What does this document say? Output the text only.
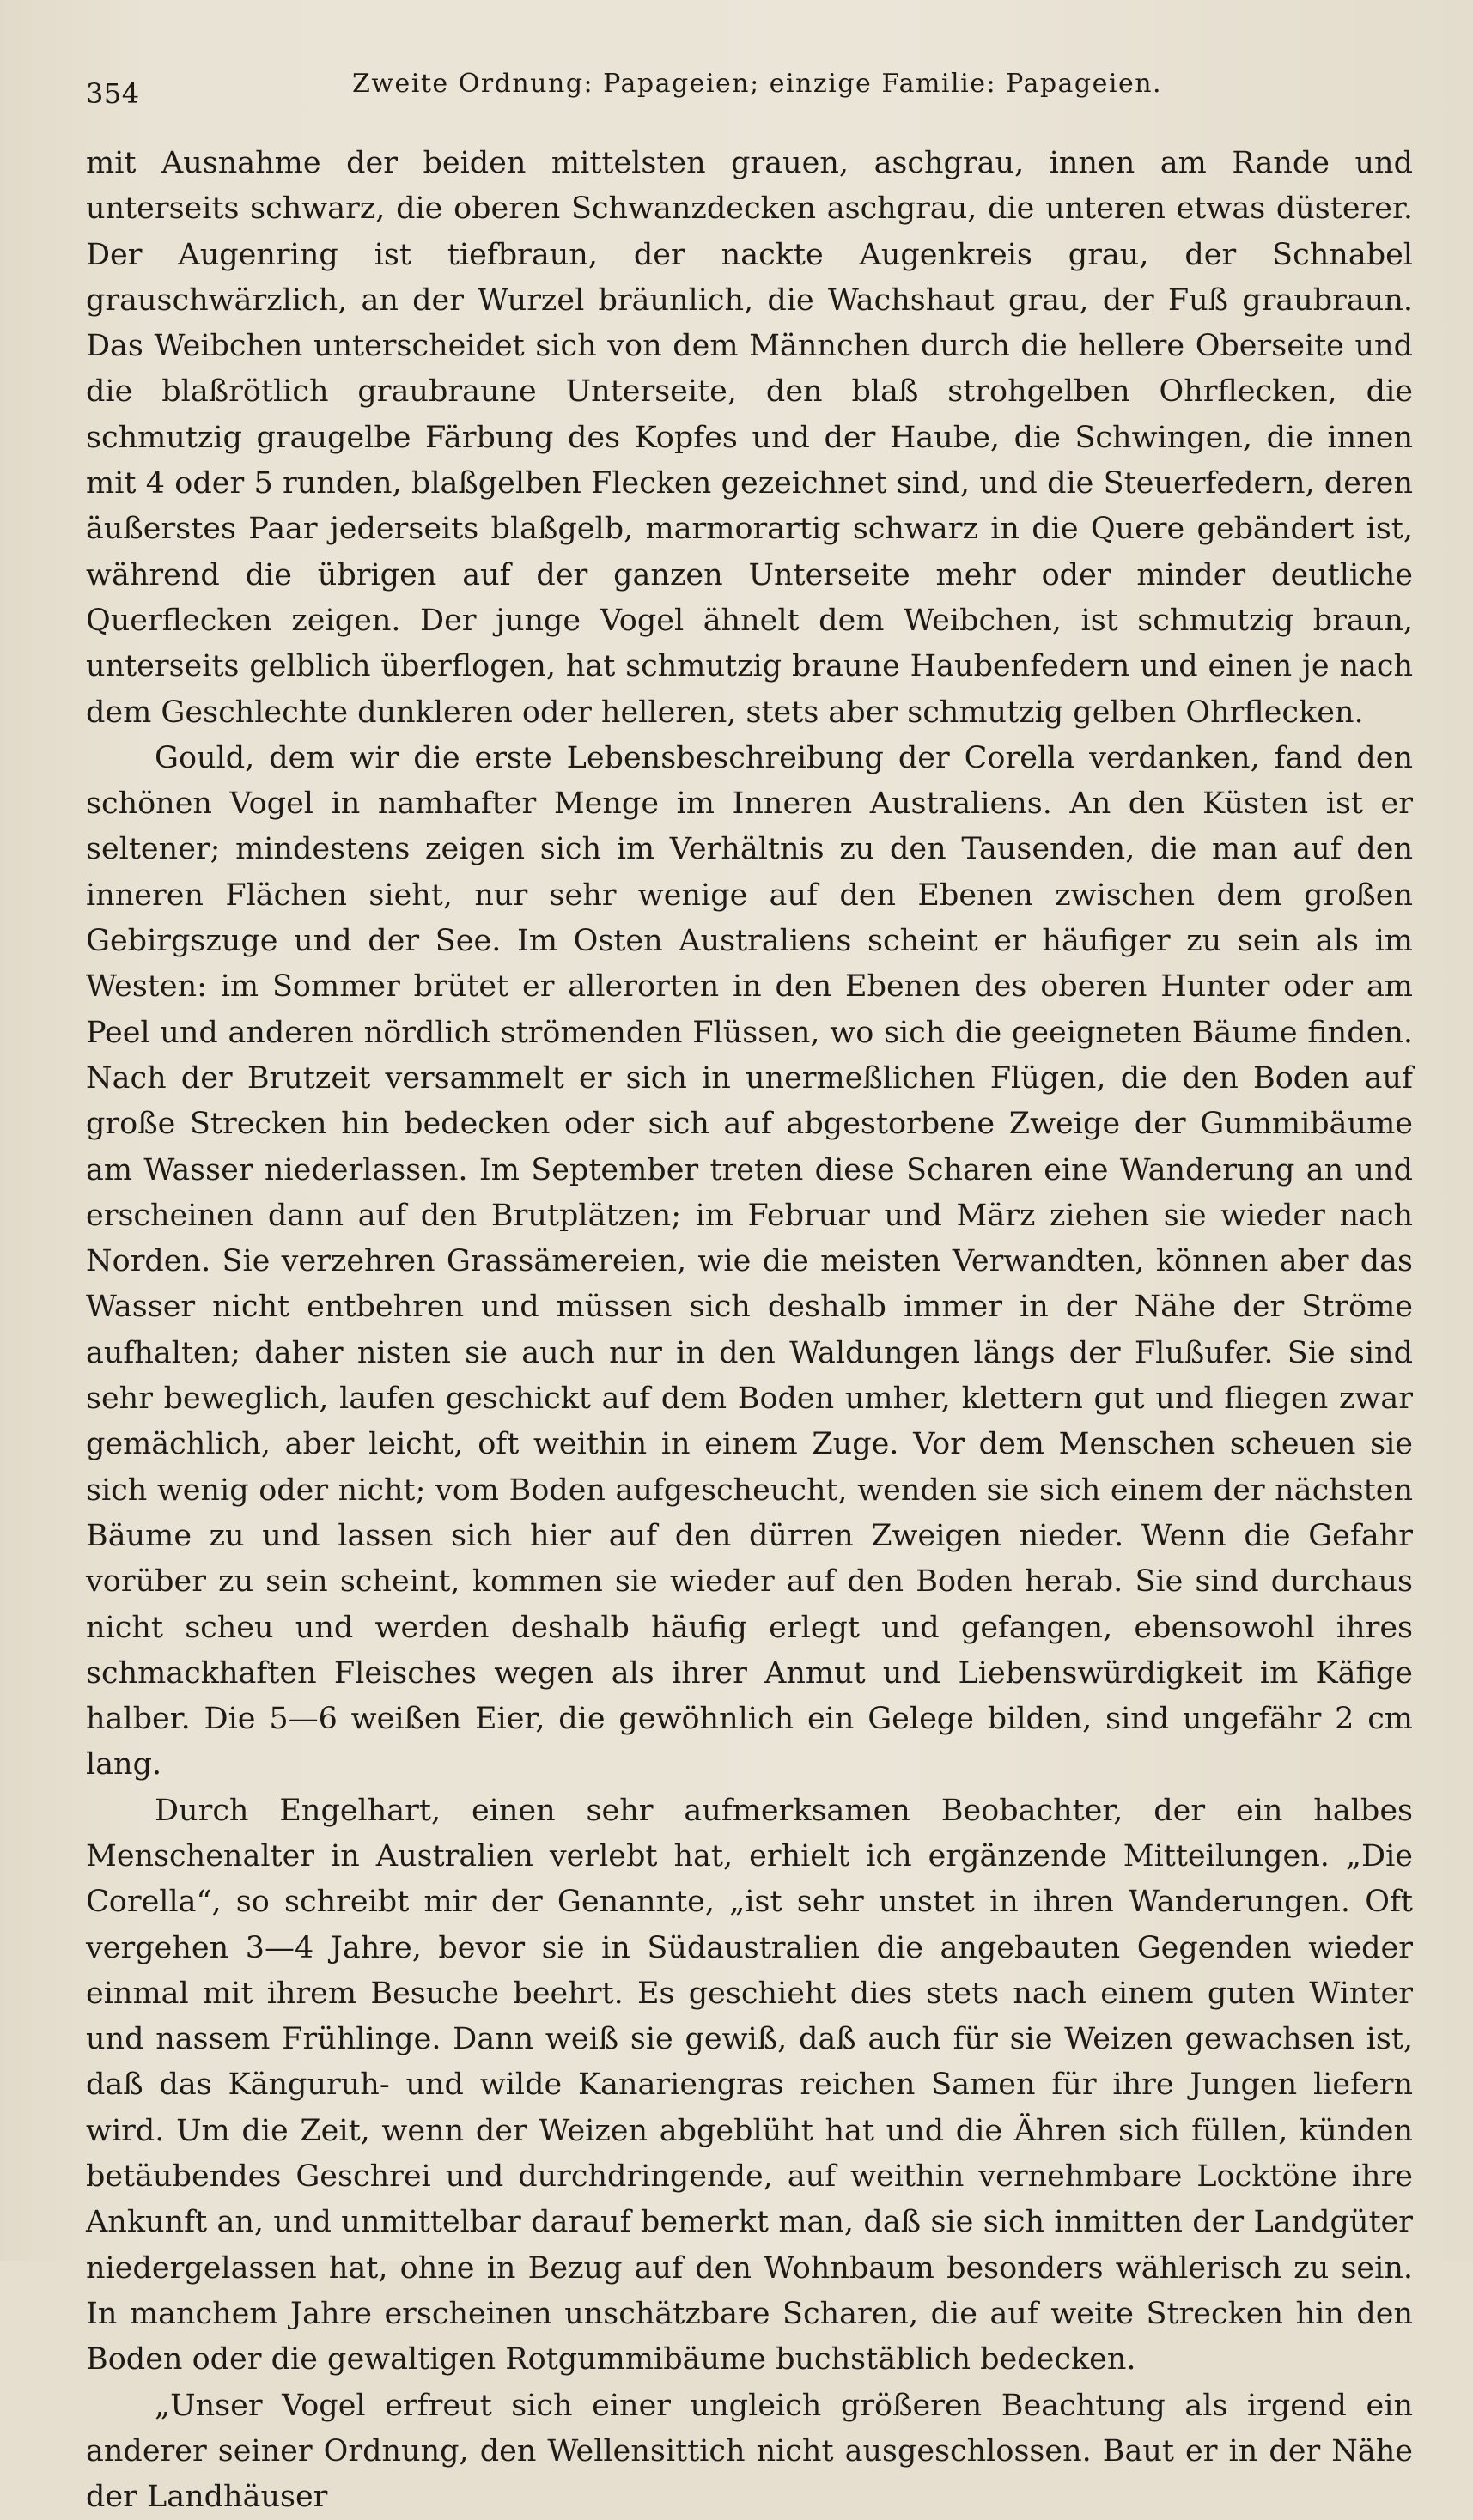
354	Zweite Ordnung: Papageien; einzige Familie: Papageien.

mit Ausnahme der beiden mittelsten grauen, aschgrau, innen am Rande und unterseits schwarz, die oberen Schwanzdecken aschgrau, die unteren etwas düsterer. Der Augenring ist tiefbraun, der nackte Augenkreis grau, der Schnabel grauschwärzlich, an der Wurzel bräunlich, die Wachshaut grau, der Fuß graubraun. Das Weibchen unterscheidet sich von dem Männchen durch die hellere Oberseite und die blaßrötlich graubraune Unterseite, den blaß strohgelben Ohrflecken, die schmutzig graugelbe Färbung des Kopfes und der Haube, die Schwingen, die innen mit 4 oder 5 runden, blaßgelben Flecken gezeichnet sind, und die Steuerfedern, deren äußerstes Paar jederseits blaßgelb, marmorartig schwarz in die Quere gebändert ist, während die übrigen auf der ganzen Unterseite mehr oder minder deutliche Querflecken zeigen. Der junge Vogel ähnelt dem Weibchen, ist schmutzig braun, unterseits gelblich überflogen, hat schmutzig braune Haubenfedern und einen je nach dem Geschlechte dunkleren oder helleren, stets aber schmutzig gelben Ohrflecken.

Gould, dem wir die erste Lebensbeschreibung der Corella verdanken, fand den schönen Vogel in namhafter Menge im Inneren Australiens. An den Küsten ist er seltener; mindestens zeigen sich im Verhältnis zu den Tausenden, die man auf den inneren Flächen sieht, nur sehr wenige auf den Ebenen zwischen dem großen Gebirgszuge und der See. Im Osten Australiens scheint er häufiger zu sein als im Westen: im Sommer brütet er allerorten in den Ebenen des oberen Hunter oder am Peel und anderen nördlich strömenden Flüssen, wo sich die geeigneten Bäume finden. Nach der Brutzeit versammelt er sich in unermeßlichen Flügen, die den Boden auf große Strecken hin bedecken oder sich auf abgestorbene Zweige der Gummibäume am Wasser niederlassen. Im September treten diese Scharen eine Wanderung an und erscheinen dann auf den Brutplätzen; im Februar und März ziehen sie wieder nach Norden. Sie verzehren Grassämereien, wie die meisten Verwandten, können aber das Wasser nicht entbehren und müssen sich deshalb immer in der Nähe der Ströme aufhalten; daher nisten sie auch nur in den Waldungen längs der Flußufer. Sie sind sehr beweglich, laufen geschickt auf dem Boden umher, klettern gut und fliegen zwar gemächlich, aber leicht, oft weithin in einem Zuge. Vor dem Menschen scheuen sie sich wenig oder nicht; vom Boden aufgescheucht, wenden sie sich einem der nächsten Bäume zu und lassen sich hier auf den dürren Zweigen nieder. Wenn die Gefahr vorüber zu sein scheint, kommen sie wieder auf den Boden herab. Sie sind durchaus nicht scheu und werden deshalb häufig erlegt und gefangen, ebensowohl ihres schmackhaften Fleisches wegen als ihrer Anmut und Liebenswürdigkeit im Käfige halber. Die 5—6 weißen Eier, die gewöhnlich ein Gelege bilden, sind ungefähr 2 cm lang.

Durch Engelhart, einen sehr aufmerksamen Beobachter, der ein halbes Menschenalter in Australien verlebt hat, erhielt ich ergänzende Mitteilungen. „Die Corella“, so schreibt mir der Genannte, „ist sehr unstet in ihren Wanderungen. Oft vergehen 3—4 Jahre, bevor sie in Südaustralien die angebauten Gegenden wieder einmal mit ihrem Besuche beehrt. Es geschieht dies stets nach einem guten Winter und nassem Frühlinge. Dann weiß sie gewiß, daß auch für sie Weizen gewachsen ist, daß das Känguruh- und wilde Kanariengras reichen Samen für ihre Jungen liefern wird. Um die Zeit, wenn der Weizen abgeblüht hat und die Ähren sich füllen, künden betäubendes Geschrei und durchdringende, auf weithin vernehmbare Locktöne ihre Ankunft an, und unmittelbar darauf bemerkt man, daß sie sich inmitten der Landgüter niedergelassen hat, ohne in Bezug auf den Wohnbaum besonders wählerisch zu sein. In manchem Jahre erscheinen unschätzbare Scharen, die auf weite Strecken hin den Boden oder die gewaltigen Rotgummibäume buchstäblich bedecken.

„Unser Vogel erfreut sich einer ungleich größeren Beachtung als irgend ein anderer seiner Ordnung, den Wellensittich nicht ausgeschlossen. Baut er in der Nähe der Landhäuser
